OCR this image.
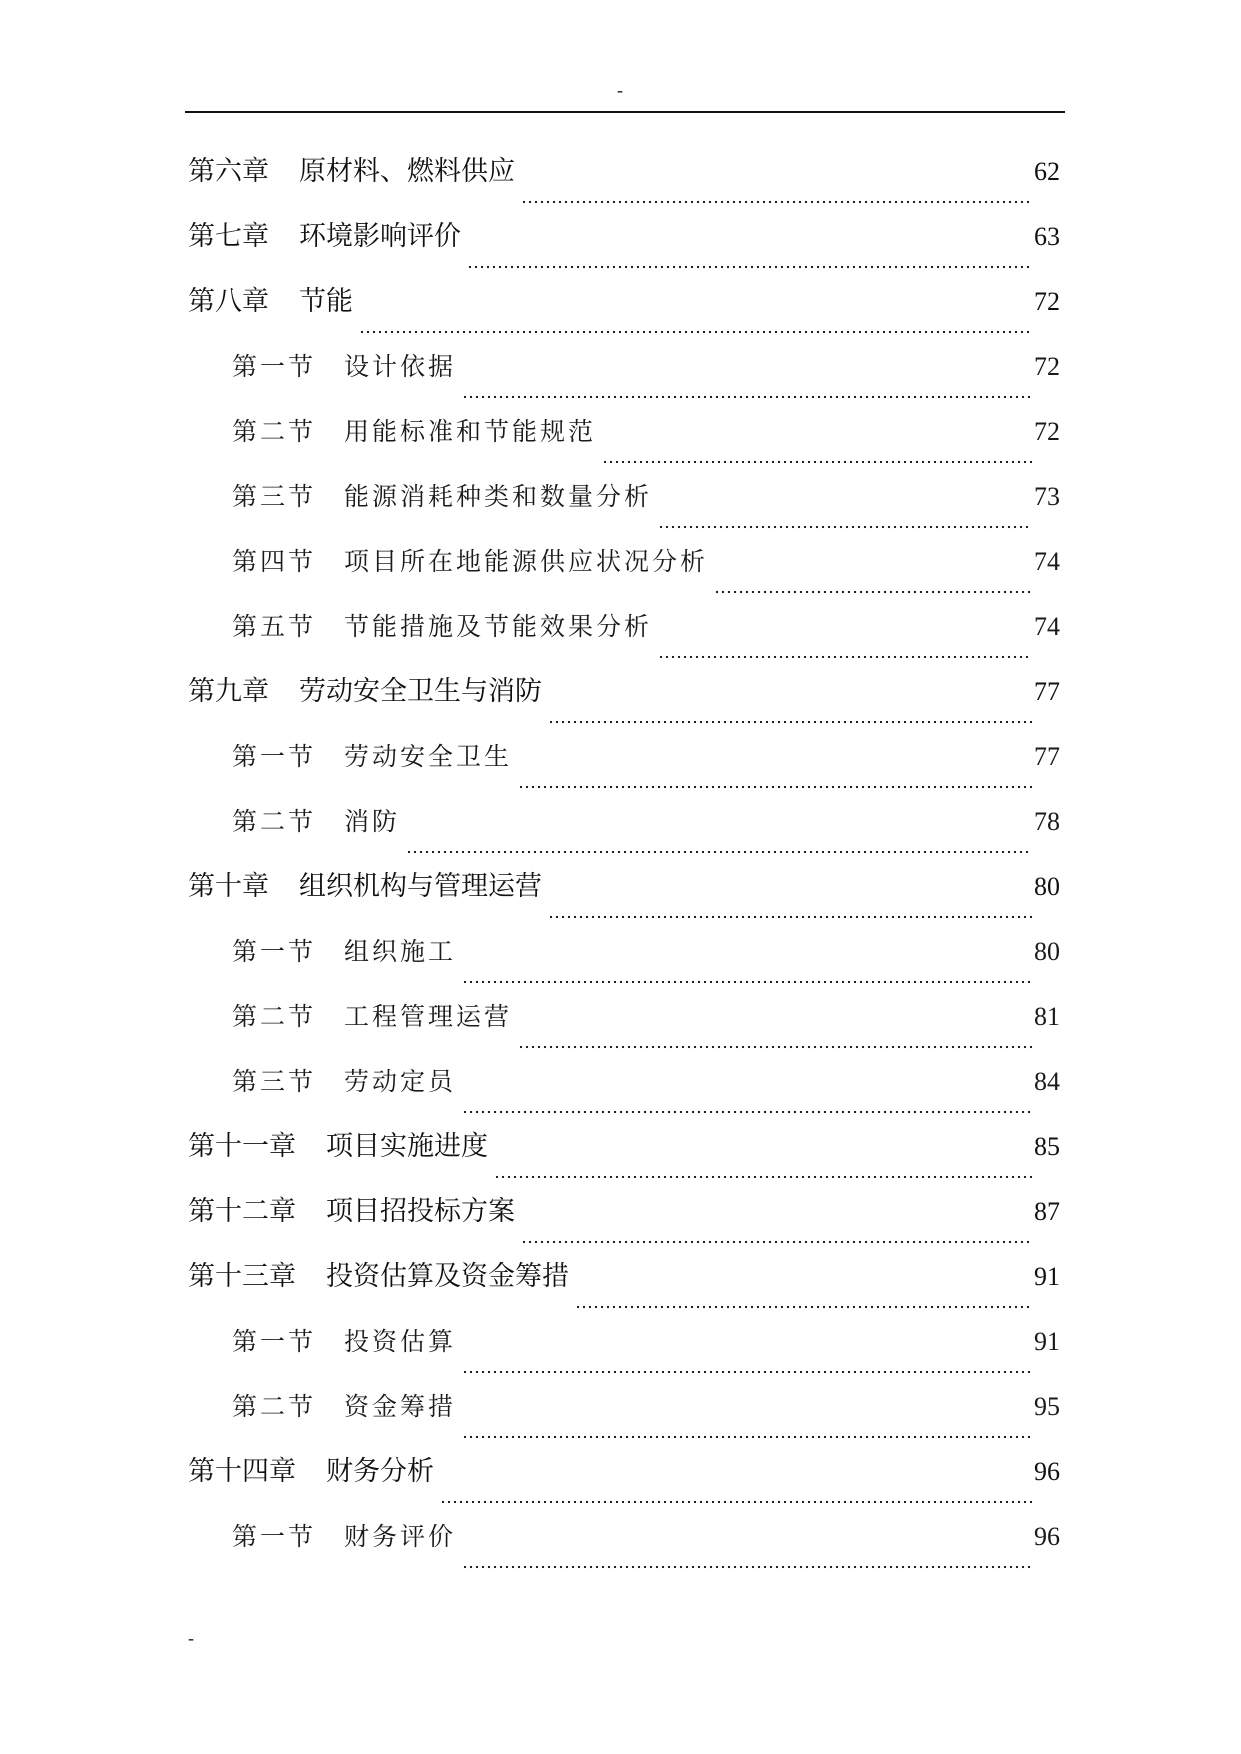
-
第六章 原材料、燃料供应	62
第七章 环境影响评价	63
第八章 节能	72
第一节 设计依据	72
第二节 用能标准和节能规范	72
第三节 能源消耗种类和数量分析	73
第四节 项目所在地能源供应状况分析	74
第五节 节能措施及节能效果分析	74
第九章 劳动安全卫生与消防	77
第一节 劳动安全卫生	77
第二节 消防	78
第十章 组织机构与管理运营	80
第一节 组织施工	80
第二节 工程管理运营	81
第三节 劳动定员	84
第十一章 项目实施进度	85
第十二章 项目招投标方案	87
第十三章 投资估算及资金筹措	91
第一节 投资估算	91
第二节 资金筹措	95
第十四章 财务分析	96
第一节 财务评价	96
-
